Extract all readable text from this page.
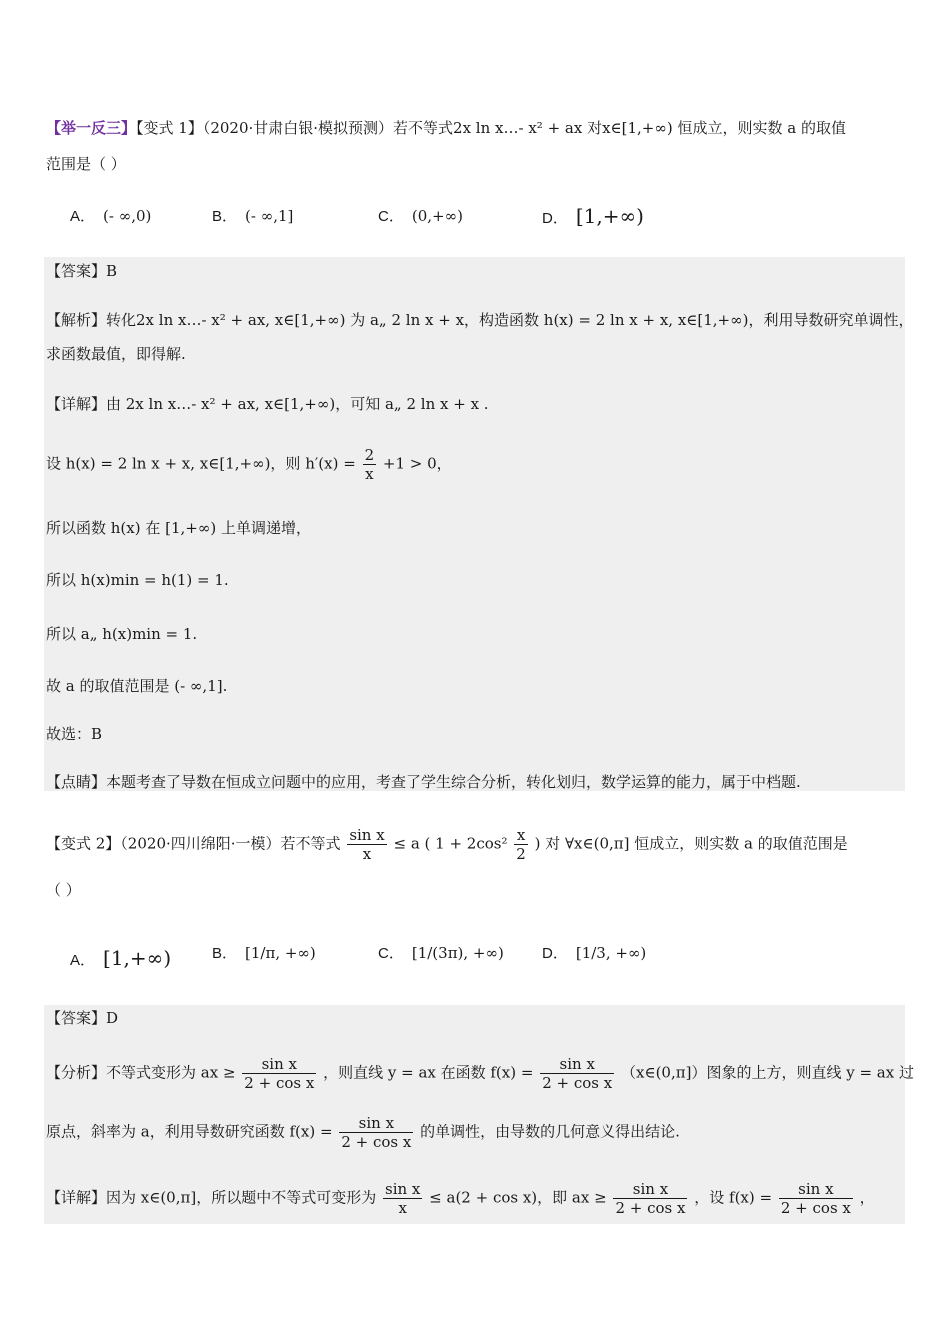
【举一反三】【变式 1】（2020·甘肃白银·模拟预测）若不等式2x ln x…- x² + ax 对x∈[1,+∞) 恒成立，则实数 a 的取值
范围是（ ）
A． (- ∞,0)	B． (- ∞,1]	C． (0,+∞)	D． [1,+∞)
【答案】B
【解析】转化2x ln x…- x² + ax, x∈[1,+∞) 为 a„ 2 ln x + x，构造函数 h(x) = 2 ln x + x, x∈[1,+∞)，利用导数研究单调性，
求函数最值，即得解.
【详解】由 2x ln x…- x² + ax, x∈[1,+∞)，可知 a„ 2 ln x + x .
设 h(x) = 2 ln x + x, x∈[1,+∞)，则 $h'(x) = \frac{2}{x} +1 > 0$，
所以函数 h(x) 在 [1,+∞) 上单调递增，
所以 h(x)min = h(1) = 1.
所以 a„ h(x)min = 1.
故 a 的取值范围是 (- ∞,1].
故选：B
【点睛】本题考查了导数在恒成立问题中的应用，考查了学生综合分析，转化划归，数学运算的能力，属于中档题.
【变式 2】（2020·四川绵阳·一模）若不等式 $\frac{\text{sin x}}{x} \le a$ ( $1 + 2\cos^2 \frac{x}{2}$ ) 对 ∀x∈(0,π] 恒成立，则实数 a 的取值范围是
（ ）
A． [1,+∞)	B． [1/π, +∞)	C． [1/(3π), +∞)	D． [1/3, +∞)
【答案】D
【分析】不等式变形为 ax ≥ $\frac{\text{sin x}}{\text{2 + cos x}}$ ，则直线 y = ax 在函数 $f(x) = \frac{\text{sin x}}{\text{2 + cos x}}$ （x∈(0,π]）图象的上方，则直线 y = ax 过
原点，斜率为 a，利用导数研究函数 $f(x) = \frac{\text{sin x}}{\text{2 + cos x}}$ 的单调性，由导数的几何意义得出结论.
【详解】因为 x∈(0,π]，所以题中不等式可变形为 $\frac{\text{sin x}}{x} \le a(2 + \cos x)$，即 ax ≥ $\frac{\text{sin x}}{\text{2 + cos x}}$ ，设 $f(x) = \frac{\text{sin x}}{\text{2 + cos x}}$ ，
